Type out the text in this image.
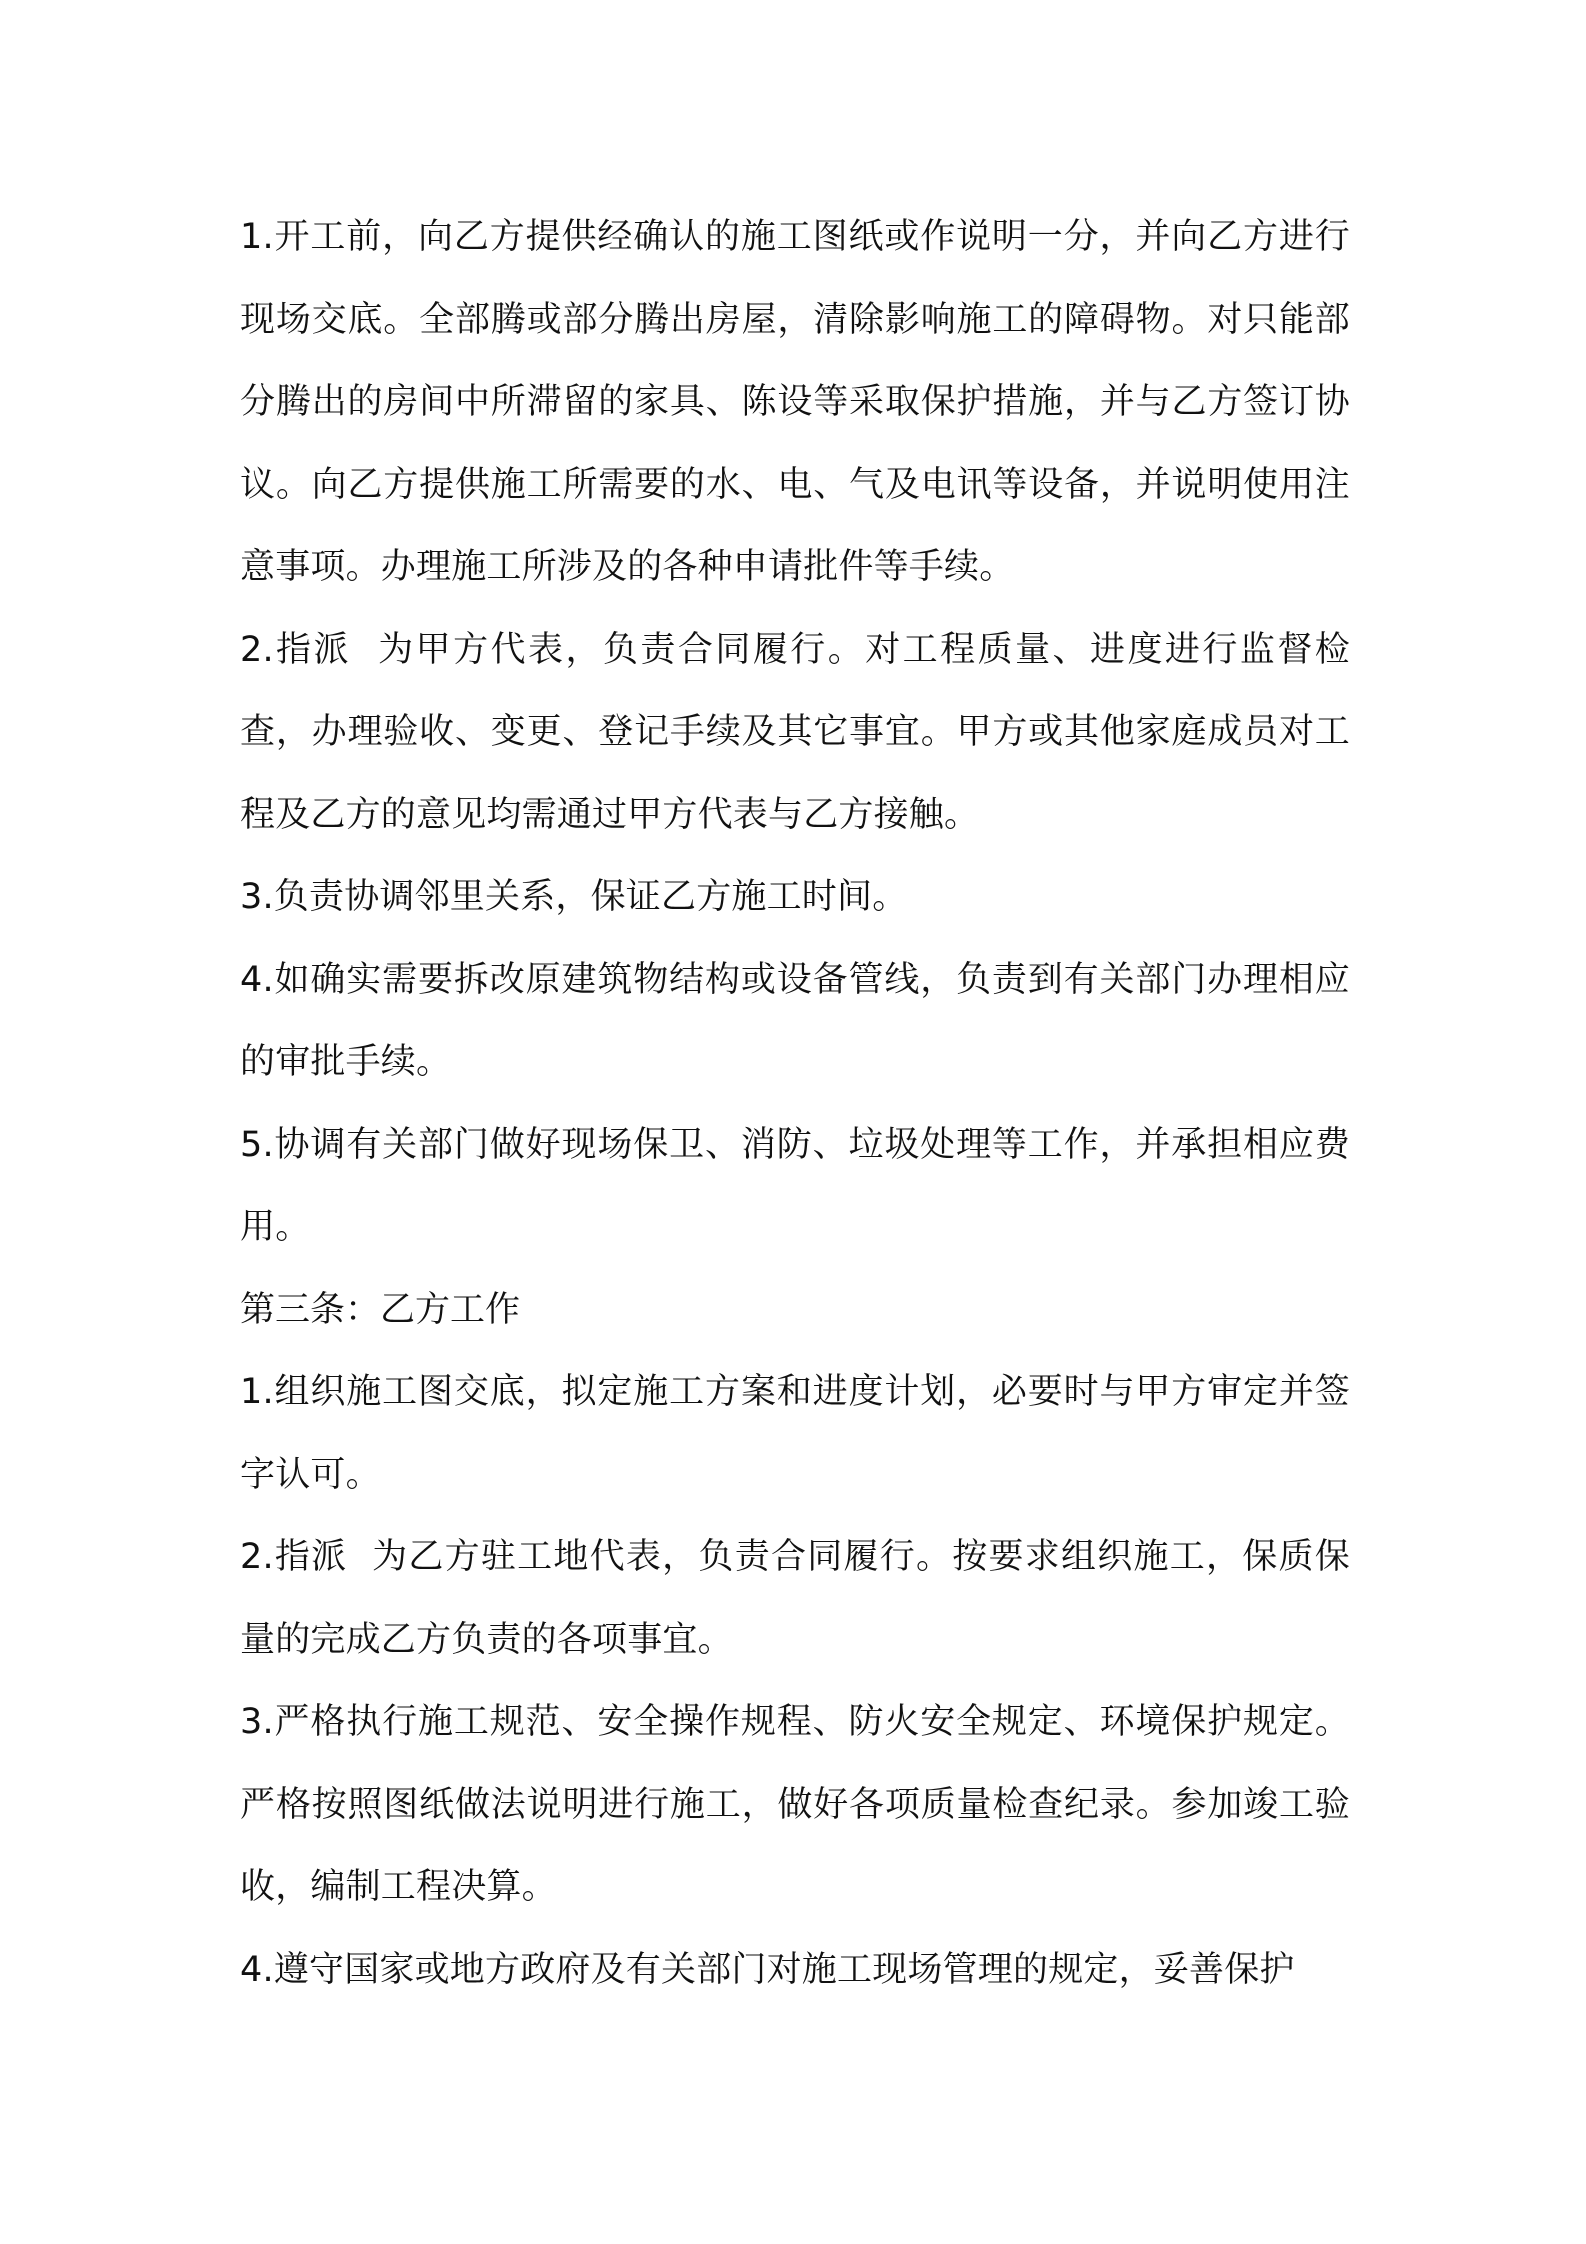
1.开工前，向乙方提供经确认的施工图纸或作说明一分，并向乙方进行现场交底。全部腾或部分腾出房屋，清除影响施工的障碍物。对只能部分腾出的房间中所滞留的家具、陈设等采取保护措施，并与乙方签订协议。向乙方提供施工所需要的水、电、气及电讯等设备，并说明使用注意事项。办理施工所涉及的各种申请批件等手续。

2.指派  为甲方代表，负责合同履行。对工程质量、进度进行监督检查，办理验收、变更、登记手续及其它事宜。甲方或其他家庭成员对工程及乙方的意见均需通过甲方代表与乙方接触。

3.负责协调邻里关系，保证乙方施工时间。

4.如确实需要拆改原建筑物结构或设备管线，负责到有关部门办理相应的审批手续。

5.协调有关部门做好现场保卫、消防、垃圾处理等工作，并承担相应费用。

第三条：乙方工作

1.组织施工图交底，拟定施工方案和进度计划，必要时与甲方审定并签字认可。

2.指派  为乙方驻工地代表，负责合同履行。按要求组织施工，保质保量的完成乙方负责的各项事宜。

3.严格执行施工规范、安全操作规程、防火安全规定、环境保护规定。严格按照图纸做法说明进行施工，做好各项质量检查纪录。参加竣工验收，编制工程决算。

4.遵守国家或地方政府及有关部门对施工现场管理的规定，妥善保护
